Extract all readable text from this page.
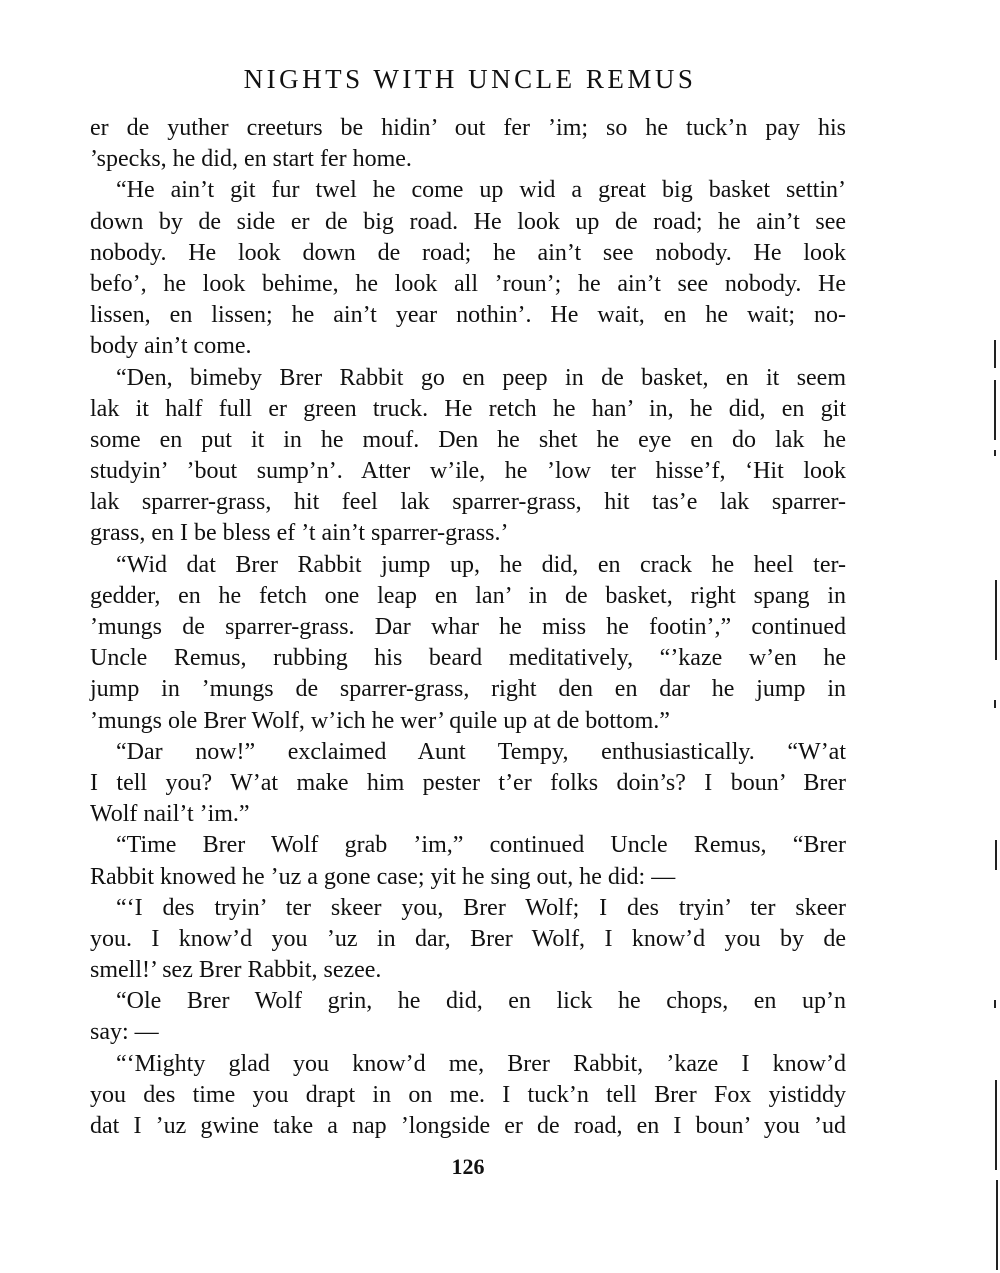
NIGHTS WITH UNCLE REMUS
er de yuther creeturs be hidin’ out fer ’im; so he tuck’n pay his
’specks, he did, en start fer home.
“He ain’t git fur twel he come up wid a great big basket settin’
down by de side er de big road. He look up de road; he ain’t see
nobody. He look down de road; he ain’t see nobody. He look
befo’, he look behime, he look all ’roun’; he ain’t see nobody. He
lissen, en lissen; he ain’t year nothin’. He wait, en he wait; no-
body ain’t come.
“Den, bimeby Brer Rabbit go en peep in de basket, en it seem
lak it half full er green truck. He retch he han’ in, he did, en git
some en put it in he mouf. Den he shet he eye en do lak he
studyin’ ’bout sump’n’. Atter w’ile, he ’low ter hisse’f, ‘Hit look
lak sparrer-grass, hit feel lak sparrer-grass, hit tas’e lak sparrer-
grass, en I be bless ef ’t ain’t sparrer-grass.’
“Wid dat Brer Rabbit jump up, he did, en crack he heel ter-
gedder, en he fetch one leap en lan’ in de basket, right spang in
’mungs de sparrer-grass. Dar whar he miss he footin’,” continued
Uncle Remus, rubbing his beard meditatively, “’kaze w’en he
jump in ’mungs de sparrer-grass, right den en dar he jump in
’mungs ole Brer Wolf, w’ich he wer’ quile up at de bottom.”
“Dar now!” exclaimed Aunt Tempy, enthusiastically. “W’at
I tell you? W’at make him pester t’er folks doin’s? I boun’ Brer
Wolf nail’t ’im.”
“Time Brer Wolf grab ’im,” continued Uncle Remus, “Brer
Rabbit knowed he ’uz a gone case; yit he sing out, he did: —
“‘I des tryin’ ter skeer you, Brer Wolf; I des tryin’ ter skeer
you. I know’d you ’uz in dar, Brer Wolf, I know’d you by de
smell!’ sez Brer Rabbit, sezee.
“Ole Brer Wolf grin, he did, en lick he chops, en up’n
say: —
“‘Mighty glad you know’d me, Brer Rabbit, ’kaze I know’d
you des time you drapt in on me. I tuck’n tell Brer Fox yistiddy
dat I ’uz gwine take a nap ’longside er de road, en I boun’ you ’ud
126
